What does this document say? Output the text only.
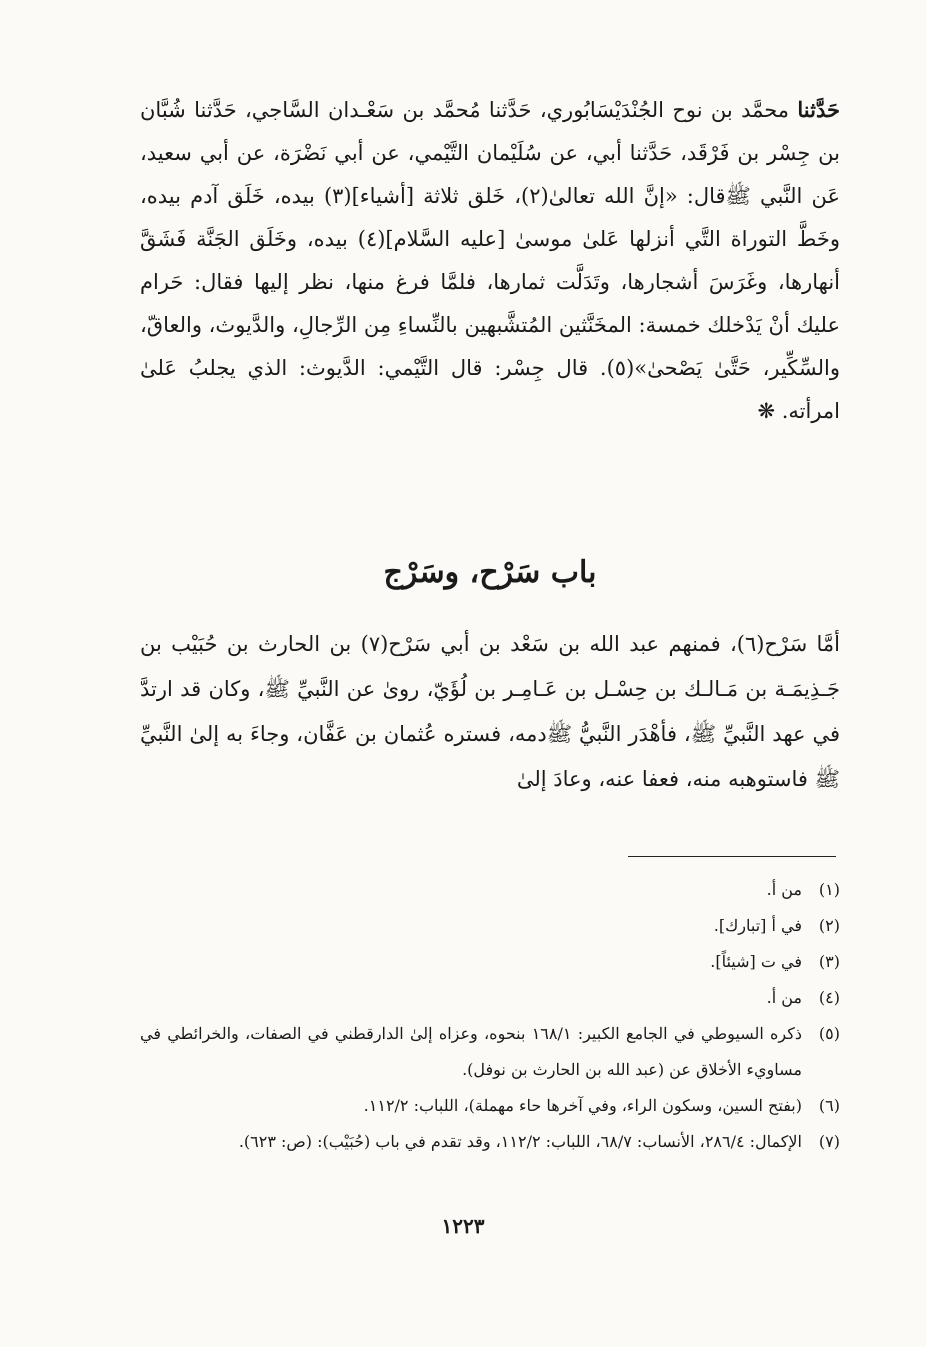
حَدَّثنا محمَّد بن نوح الجُنْدَيْسَابُوري، حَدَّثنا مُحمَّد بن سَعْـدان السَّاجي، حَدَّثنا شُبَّان بن جِسْر بن فَرْقَد، حَدَّثنا أبي، عن سُلَيْمان التَّيْمي، عن أبي نَضْرَة، عن أبي سعيد، عَن النَّبي ﷺقال: «إنَّ الله تعالىٰ(٢)، خَلق ثلاثة [أشياء](٣) بيده، خَلَق آدم بيده، وخَطَّ التوراة التَّي أنزلها عَلىٰ موسىٰ [عليه السَّلام](٤) بيده، وخَلَق الجَنَّة فَشَقَّ أنهارها، وغَرَسَ أشجارها، وتَدَلَّت ثمارها، فلمَّا فرغ منها، نظر إليها فقال: حَرام عليك أنْ يَدْخلك خمسة: المخَنَّثين المُتشَّبهين بالنِّساءِ مِن الرِّجالِ، والدَّيوث، والعاقّ، والسِّكِّير، حَتَّىٰ يَصْحىٰ»(٥). قال جِسْر: قال التَّيْمي: الدَّيوث: الذي يجلبُ عَلىٰ امرأته. ❋
باب سَرْح، وسَرْج
أمَّا سَرْح(٦)، فمنهم عبد الله بن سَعْد بن أبي سَرْح(٧) بن الحارث بن حُبَيْب بن جَـذِيمَـة بن مَـالـك بن حِسْـل بن عَـامِـر بن لُؤَيّ، روىٰ عن النَّبيِّ ﷺ، وكان قد ارتدَّ في عهد النَّبيِّ ﷺ، فأهْدَر النَّبيُّ ﷺدمه، فستره عُثمان بن عَفَّان، وجاءَ به إلىٰ النَّبيِّ ﷺ فاستوهبه منه، فعفا عنه، وعادَ إلىٰ
(١)
من أ.
(٢)
في أ [تبارك].
(٣)
في ت [شيئاً].
(٤)
من أ.
(٥)
ذكره السيوطي في الجامع الكبير: ١٦٨/١ بنحوه، وعزاه إلىٰ الدارقطني في الصفات، والخرائطي في مساويء الأخلاق عن (عبد الله بن الحارث بن نوفل).
(٦)
(بفتح السين، وسكون الراء، وفي آخرها حاء مهملة)، اللباب: ١١٢/٢.
(٧)
الإكمال: ٢٨٦/٤، الأنساب: ٦٨/٧، اللباب: ١١٢/٢، وقد تقدم في باب (حُبَيْب): (ص: ٦٢٣).
١٢٢٣
